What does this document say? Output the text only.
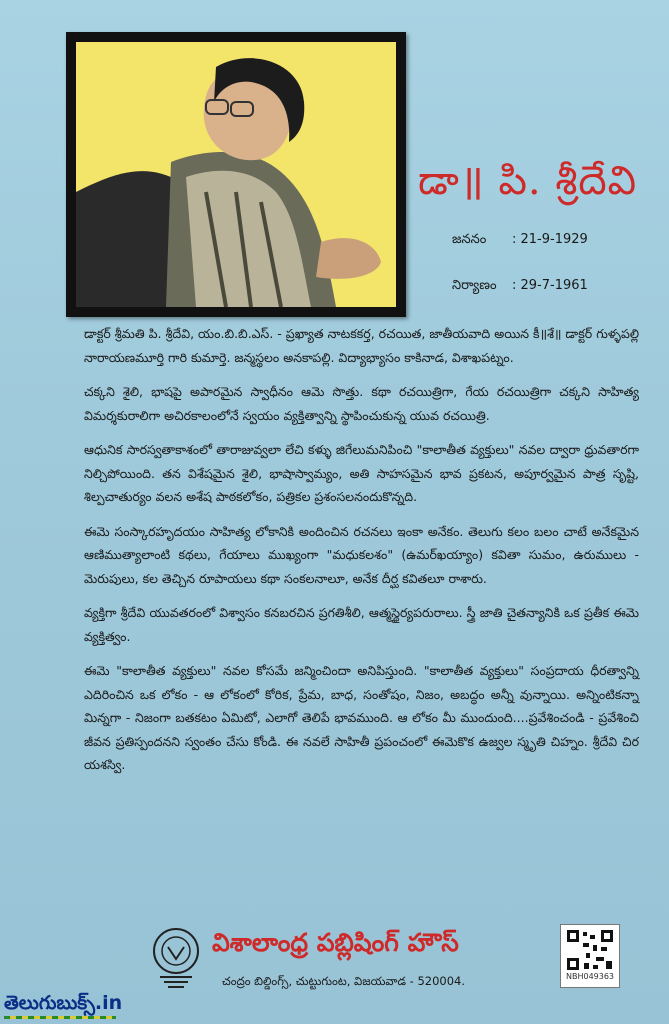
డా॥ పి. శ్రీదేవి
జననం	: 21-9-1929
నిర్యాణం : 29-7-1961

డాక్టర్ శ్రీమతి పి. శ్రీదేవి, యం.బి.బి.ఎస్. - ప్రఖ్యాత నాటకకర్త, రచయిత, జాతీయవాది అయిన కీ॥శే॥ డాక్టర్ గుళ్ళపల్లి నారాయణమూర్తి గారి కుమార్తె. జన్మస్థలం అనకాపల్లి. విద్యాభ్యాసం కాకినాడ, విశాఖపట్నం.

చక్కని శైలి, భాషపై అపారమైన స్వాధీనం ఆమె సొత్తు. కథా రచయిత్రిగా, గేయ రచయిత్రిగా చక్కని సాహిత్య విమర్శకురాలిగా అచిరకాలంలోనే స్వయం వ్యక్తిత్వాన్ని స్థాపించుకున్న యువ రచయిత్రి.

ఆధునిక సారస్వతాకాశంలో తారాజువ్వలా లేచి కళ్ళు జిగేలుమనిపించి "కాలాతీత వ్యక్తులు" నవల ద్వారా ధ్రువతారగా నిల్చిపోయింది. తన విశేషమైన శైలి, భాషాస్వామ్యం, అతి సాహసమైన భావ ప్రకటన, అపూర్వమైన పాత్ర సృష్టి, శిల్పచాతుర్యం వలన అశేష పాఠకలోకం, పత్రికల ప్రశంసలనందుకొన్నది.

ఈమె సంస్కారహృదయం సాహిత్య లోకానికి అందించిన రచనలు ఇంకా అనేకం. తెలుగు కలం బలం చాటే అనేకమైన ఆణిముత్యాలాంటి కథలు, గేయాలు ముఖ్యంగా "మధుకలశం" (ఉమర్‌ఖయ్యాం) కవితా సుమం, ఉరుములు - మెరుపులు, కల తెచ్చిన రూపాయలు కథా సంకలనాలూ, అనేక దీర్ఘ కవితలూ రాశారు.

వ్యక్తిగా శ్రీదేవి యువతరంలో విశ్వాసం కనబరచిన ప్రగతిశీలి, ఆత్మస్థైర్యపరురాలు. స్త్రీ జాతి చైతన్యానికి ఒక ప్రతీక ఈమె వ్యక్తిత్వం.

ఈమె "కాలాతీత వ్యక్తులు" నవల కోసమే జన్మించిందా అనిపిస్తుంది. "కాలాతీత వ్యక్తులు" సంప్రదాయ ధీరత్వాన్ని ఎదిరించిన ఒక లోకం - ఆ లోకంలో కోరిక, ప్రేమ, బాధ, సంతోషం, నిజం, అబద్ధం అన్నీ వున్నాయి. అన్నింటికన్నా మిన్నగా - నిజంగా బతకటం ఏమిటో, ఎలాగో తెలిపే భావముంది. ఆ లోకం మీ ముందుంది....ప్రవేశించండి - ప్రవేశించి జీవన ప్రతిస్పందనని స్వంతం చేసు కోండి. ఈ నవలే సాహితీ ప్రపంచంలో ఈమెకొక ఉజ్వల స్మృతి చిహ్నం. శ్రీదేవి చిర యశస్వి.

విశాలాంధ్ర పబ్లిషింగ్ హౌస్
చంద్రం బిల్డింగ్స్, చుట్టుగుంట, విజయవాడ - 520004.	NBH049363
తెలుగుబుక్స్.in
